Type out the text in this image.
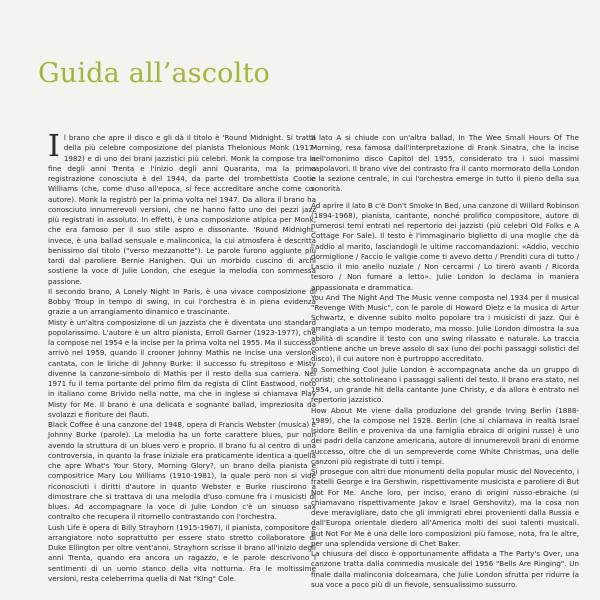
Guida all’ascolto

Il brano che apre il disco e gli dà il titolo è 'Round Midnight. Si tratta della più celebre composizione del pianista Thelonious Monk (1917-1982) e di uno dei brani jazzistici più celebri. Monk la compose tra la fine degli anni Trenta e l'inizio degli anni Quaranta, ma la prima registrazione conosciuta è del 1944, da parte del trombettista Cootie Williams (che, come d'uso all'epoca, si fece accreditare anche come co-autore). Monk la registrò per la prima volta nel 1947. Da allora il brano ha conosciuto innumerevoli versioni, che ne hanno fatto uno dei pezzi jazz più registrati in assoluto. In effetti, è una composizione atipica per Monk, che era famoso per il suo stile aspro e dissonante. 'Round Midnight, invece, è una ballad sensuale e malinconica, la cui atmosfera è descritta benissimo dal titolo ("verso mezzanotte"). Le parole furono aggiunte più tardi dal paroliere Bernie Hanighen. Qui un morbido cuscino di archi sostiene la voce di Julie London, che esegue la melodia con sommessa passione.

Il secondo brano, A Lonely Night In Paris, è una vivace composizione di Bobby Troup in tempo di swing, in cui l'orchestra è in piena evidenza grazie a un arrangiamento dinamico e trascinante.

Misty è un'altra composizione di un jazzista che è diventata uno standard popolarissimo. L'autore è un altro pianista, Erroll Garner (1923-1977), che la compose nel 1954 e la incise per la prima volta nel 1955. Ma il successo arrivò nel 1959, quando il crooner Johnny Mathis ne incise una versione cantata, con le liriche di Johnny Burke: il successo fu strepitoso e Misty divenne la canzone-simbolo di Mathis per il resto della sua carriera. Nel 1971 fu il tema portante del primo film da regista di Clint Eastwood, noto in italiano come Brivido nella notte, ma che in inglese si chiamava Play Misty for Me. Il brano è una delicata e sognante ballad, impreziosita da svolazzi e fioriture dei flauti.

Black Coffee è una canzone del 1948, opera di Francis Webster (musica) e Johnny Burke (parole). La melodia ha un forte carattere blues, pur non avendo la struttura di un blues vero e proprio. Il brano fu al centro di una controversia, in quanto la frase iniziale era praticamente identica a quella che apre What's Your Story, Morning Glory?, un brano della pianista e compositrice Mary Lou Williams (1910-1981), la quale però non si vide riconosciuti i diritti d'autore in quanto Webster e Burke riuscirono a dimostrare che si trattava di una melodia d'uso comune fra i musicisti di blues. Ad accompagnare la voce di Julie London c'è un sinuoso sax contralto che recupera il ritornello contrastando con l'orchestra.

Lush Life è opera di Billy Strayhorn (1915-1967), il pianista, compositore e arrangiatore noto soprattutto per essere stato stretto collaboratore di Duke Ellington per oltre vent'anni. Strayhorn scrisse il brano all'inizio degli anni Trenta, quando era ancora un ragazzo, e le parole descrivono i sentimenti di un uomo stanco della vita notturna. Fra le moltissime versioni, resta celeberrima quella di Nat "King" Cole.

Il lato A si chiude con un'altra ballad, In The Wee Small Hours Of The Morning, resa famosa dall'interpretazione di Frank Sinatra, che la incise nell'omonimo disco Capitol del 1955, considerato tra i suoi massimi capolavori. Il brano vive del contrasto fra il canto mormorato della London e la sezione centrale, in cui l'orchestra emerge in tutto il pieno della sua sonorità.

Ad aprire il lato B c'è Don't Smoke In Bed, una canzone di Willard Robinson (1894-1968), pianista, cantante, nonché prolifico compositore, autore di numerosi temi entrati nel repertorio dei jazzisti (più celebri Old Folks e A Cottage For Sale). Il testo è l'immaginario biglietto di una moglie che dà l'addio al marito, lasciandogli le ultime raccomandazioni: «Addio, vecchio dormiglione / Faccio le valigie come ti avevo detto / Prenditi cura di tutto / Lascio il mio anello nuziale / Non cercarmi / Lo tirerò avanti / Ricorda tesoro / Non fumare a letto». Julie London lo declama in maniera appassionata e drammatica.

You And The Night And The Music venne composta nel 1934 per il musical "Revenge With Music", con le parole di Howard Dietz e la musica di Artur Schwartz, e divenne subito molto popolare tra i musicisti di jazz. Qui è arrangiata a un tempo moderato, ma mosso. Julie London dimostra la sua abilità di scandire il testo con uno swing rilassato e naturale. La traccia contiene anche un breve assolo di sax (uno dei pochi passaggi solistici del disco), il cui autore non è purtroppo accreditato.

In Something Cool Julie London è accompagnata anche da un gruppo di coristi, che sottolineano i passaggi salienti del testo. Il brano era stato, nel 1954, un grande hit della cantante June Christy, e da allora è entrato nel repertorio jazzistico.

How About Me viene dalla produzione del grande Irving Berlin (1888-1989), che la compose nel 1928. Berlin (che si chiamava in realtà Israel Isidore Beilin e proveniva da una famiglia ebraica di origini russe) è uno dei padri della canzone americana, autore di innumerevoli brani di enorme successo, oltre che di un sempreverde come White Christmas, una delle canzoni più registrate di tutti i tempi.

Si prosegue con altri due monumenti della popular music del Novecento, i fratelli George e Ira Gershwin, rispettivamente musicista e paroliere di But Not For Me. Anche loro, per inciso, erano di origini russo-ebraiche (si chiamavano rispettivamente Jakov e Israel Gershovitz), ma la cosa non deve meravigliare, dato che gli immigrati ebrei provenienti dalla Russia e dall'Europa orientale diedero all'America molti dei suoi talenti musicali. But Not For Me è una delle loro composizioni più famose, nota, fra le altre, per una splendida versione di Chet Baker.

La chiusura del disco è opportunamente affidata a The Party's Over, una canzone tratta dalla commedia musicale del 1956 "Bells Are Ringing". Un finale dalla malinconia dolceamara, che Julie London sfrutta per ridurre la sua voce a poco più di un fievole, sensualissimo sussurro.
